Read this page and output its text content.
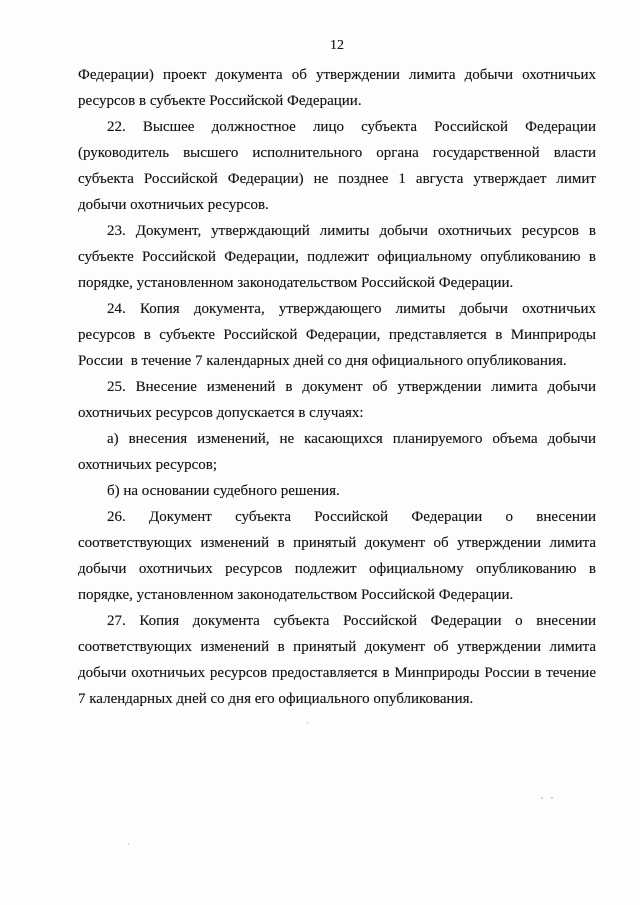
12
Федерации) проект документа об утверждении лимита добычи охотничьих
ресурсов в субъекте Российской Федерации.
22. Высшее должностное лицо субъекта Российской Федерации
(руководитель высшего исполнительного органа государственной власти
субъекта Российской Федерации) не позднее 1 августа утверждает лимит
добычи охотничьих ресурсов.
23. Документ, утверждающий лимиты добычи охотничьих ресурсов в
субъекте Российской Федерации, подлежит официальному опубликованию в
порядке, установленном законодательством Российской Федерации.
24. Копия документа, утверждающего лимиты добычи охотничьих
ресурсов в субъекте Российской Федерации, представляется в Минприроды
России  в течение 7 календарных дней со дня официального опубликования.
25. Внесение изменений в документ об утверждении лимита добычи
охотничьих ресурсов допускается в случаях:
а) внесения изменений, не касающихся планируемого объема добычи
охотничьих ресурсов;
б) на основании судебного решения.
26. Документ субъекта Российской Федерации о внесении
соответствующих изменений в принятый документ об утверждении лимита
добычи охотничьих ресурсов подлежит официальному опубликованию в
порядке, установленном законодательством Российской Федерации.
27. Копия документа субъекта Российской Федерации о внесении
соответствующих изменений в принятый документ об утверждении лимита
добычи охотничьих ресурсов предоставляется в Минприроды России в течение
7 календарных дней со дня его официального опубликования.
